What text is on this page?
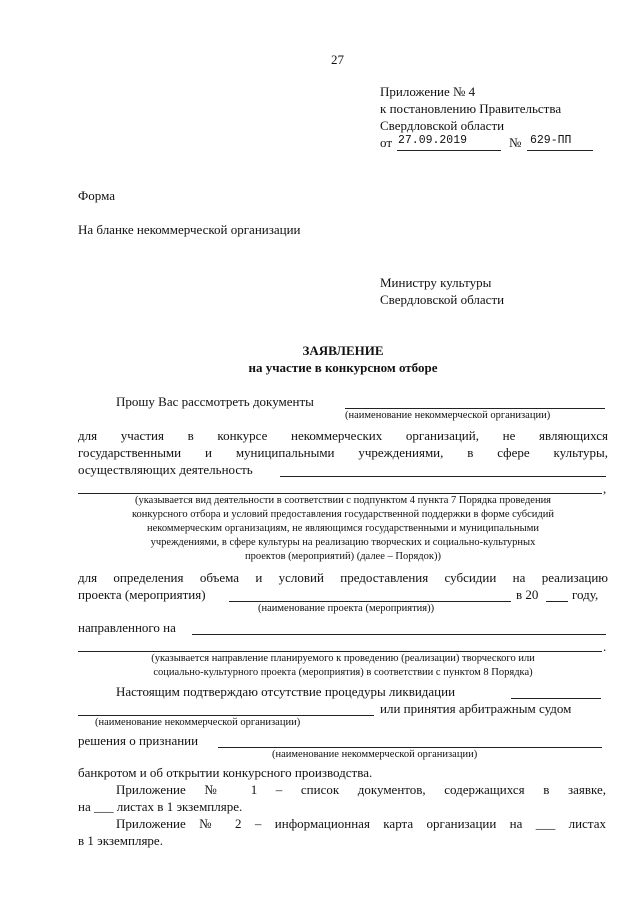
27
Приложение № 4
к постановлению Правительства
Свердловской области
от 27.09.2019	№ 629-ПП
Форма
На бланке некоммерческой организации
Министру культуры
Свердловской области
ЗАЯВЛЕНИЕ
на участие в конкурсном отборе
Прошу Вас рассмотреть документы
(наименование некоммерческой организации)
для участия в конкурсе некоммерческих организаций, не являющихся
государственными и муниципальными учреждениями, в сфере культуры,
осуществляющих деятельность
,
(указывается вид деятельности в соответствии с подпунктом 4 пункта 7 Порядка проведения
конкурсного отбора и условий предоставления государственной поддержки в форме субсидий
некоммерческим организациям, не являющимся государственными и муниципальными
учреждениями, в сфере культуры на реализацию творческих и социально-культурных
проектов (мероприятий) (далее – Порядок))
для определения объема и условий предоставления субсидии на реализацию
проекта (мероприятия)	в 20	году,
(наименование проекта (мероприятия))
направленного на
.
(указывается направление планируемого к проведению (реализации) творческого или
социально-культурного проекта (мероприятия) в соответствии с пунктом 8 Порядка)
Настоящим подтверждаю отсутствие процедуры ликвидации
или принятия арбитражным судом
(наименование некоммерческой организации)
решения о признании
(наименование некоммерческой организации)
банкротом и об открытии конкурсного производства.
Приложение № 1 – список документов, содержащихся в заявке,
на ___ листах в 1 экземпляре.
Приложение № 2 – информационная карта организации на ___ листах
в 1 экземпляре.
